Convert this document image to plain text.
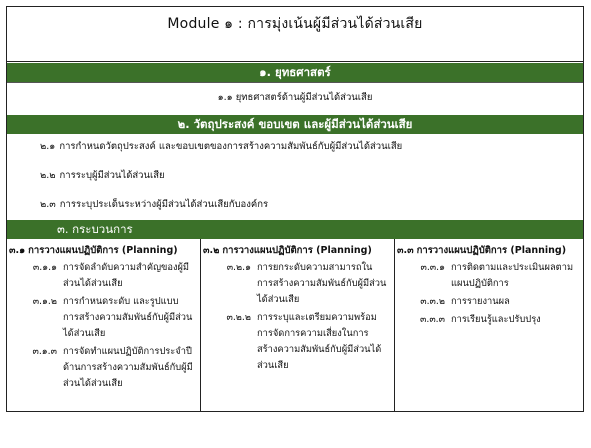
Module ๑ : การมุ่งเน้นผู้มีส่วนได้ส่วนเสีย
๑. ยุทธศาสตร์
๑.๑ ยุทธศาสตร์ด้านผู้มีส่วนได้ส่วนเสีย
๒. วัตถุประสงค์ ขอบเขต และผู้มีส่วนได้ส่วนเสีย
๒.๑ การกำหนดวัตถุประสงค์ และขอบเขตของการสร้างความสัมพันธ์กับผู้มีส่วนได้ส่วนเสีย
๒.๒ การระบุผู้มีส่วนได้ส่วนเสีย
๒.๓ การระบุประเด็นระหว่างผู้มีส่วนได้ส่วนเสียกับองค์กร
๓. กระบวนการ
๓.๑ การวางแผนปฏิบัติการ (Planning)
๓.๑.๑ การจัดลำดับความสำคัญของผู้มีส่วนได้ส่วนเสีย
๓.๑.๒ การกำหนดระดับ และรูปแบบการสร้างความสัมพันธ์กับผู้มีส่วนได้ส่วนเสีย
๓.๑.๓ การจัดทำแผนปฏิบัติการประจำปี ด้านการสร้างความสัมพันธ์กับผู้มีส่วนได้ส่วนเสีย
๓.๒ การวางแผนปฏิบัติการ (Planning)
๓.๒.๑ การยกระดับความสามารถในการสร้างความสัมพันธ์กับผู้มีส่วนได้ส่วนเสีย
๓.๒.๒ การระบุและเตรียมความพร้อมการจัดการความเสี่ยงในการสร้างความสัมพันธ์กับผู้มีส่วนได้ส่วนเสีย
๓.๓ การวางแผนปฏิบัติการ (Planning)
๓.๓.๑ การติดตามและประเมินผลตามแผนปฏิบัติการ
๓.๓.๒ การรายงานผล
๓.๓.๓ การเรียนรู้และปรับปรุง
